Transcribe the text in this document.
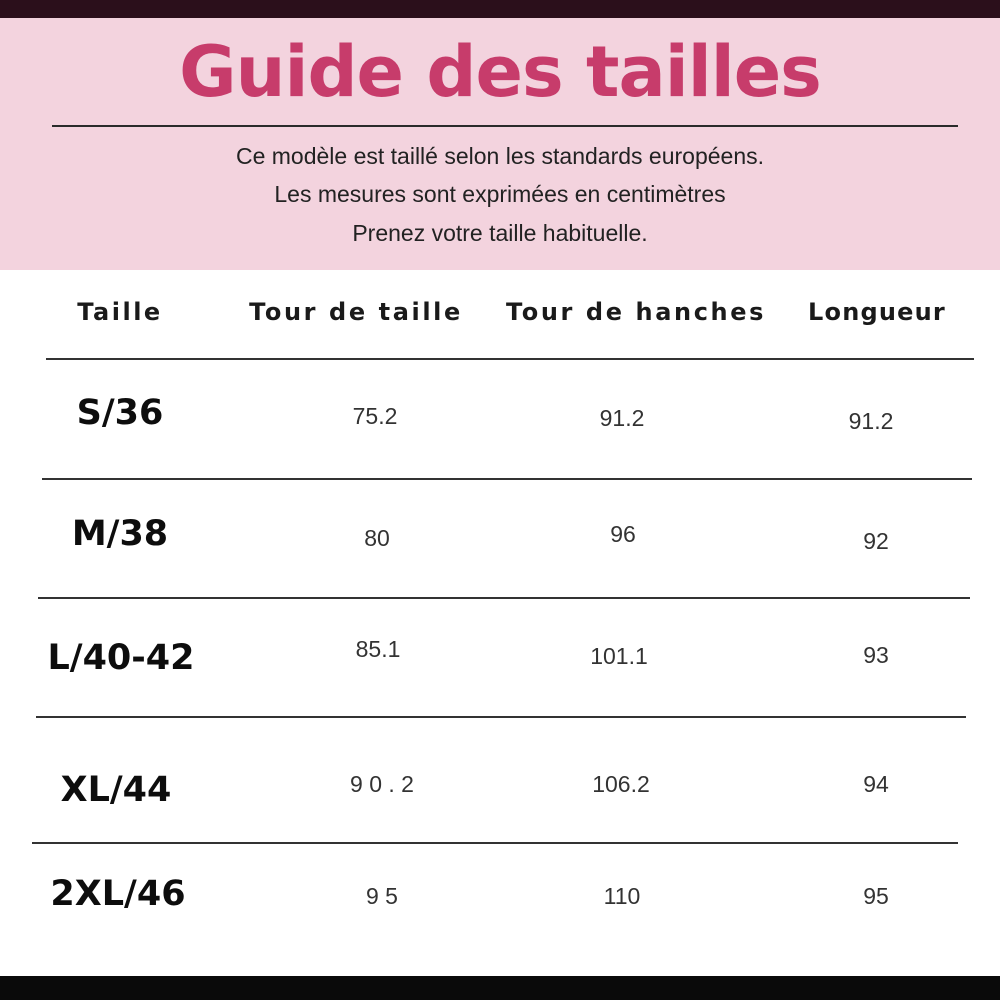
Guide des tailles
Ce modèle est taillé selon les standards européens.
Les mesures sont exprimées en centimètres
Prenez votre taille habituelle.
Taille	Tour de taille	Tour de hanches	Longueur
S/36	75.2	91.2	91.2
M/38	80	96	92
L/40-42	85.1	101.1	93
XL/44	9 0 . 2	106.2	94
2XL/46	9 5	110	95
